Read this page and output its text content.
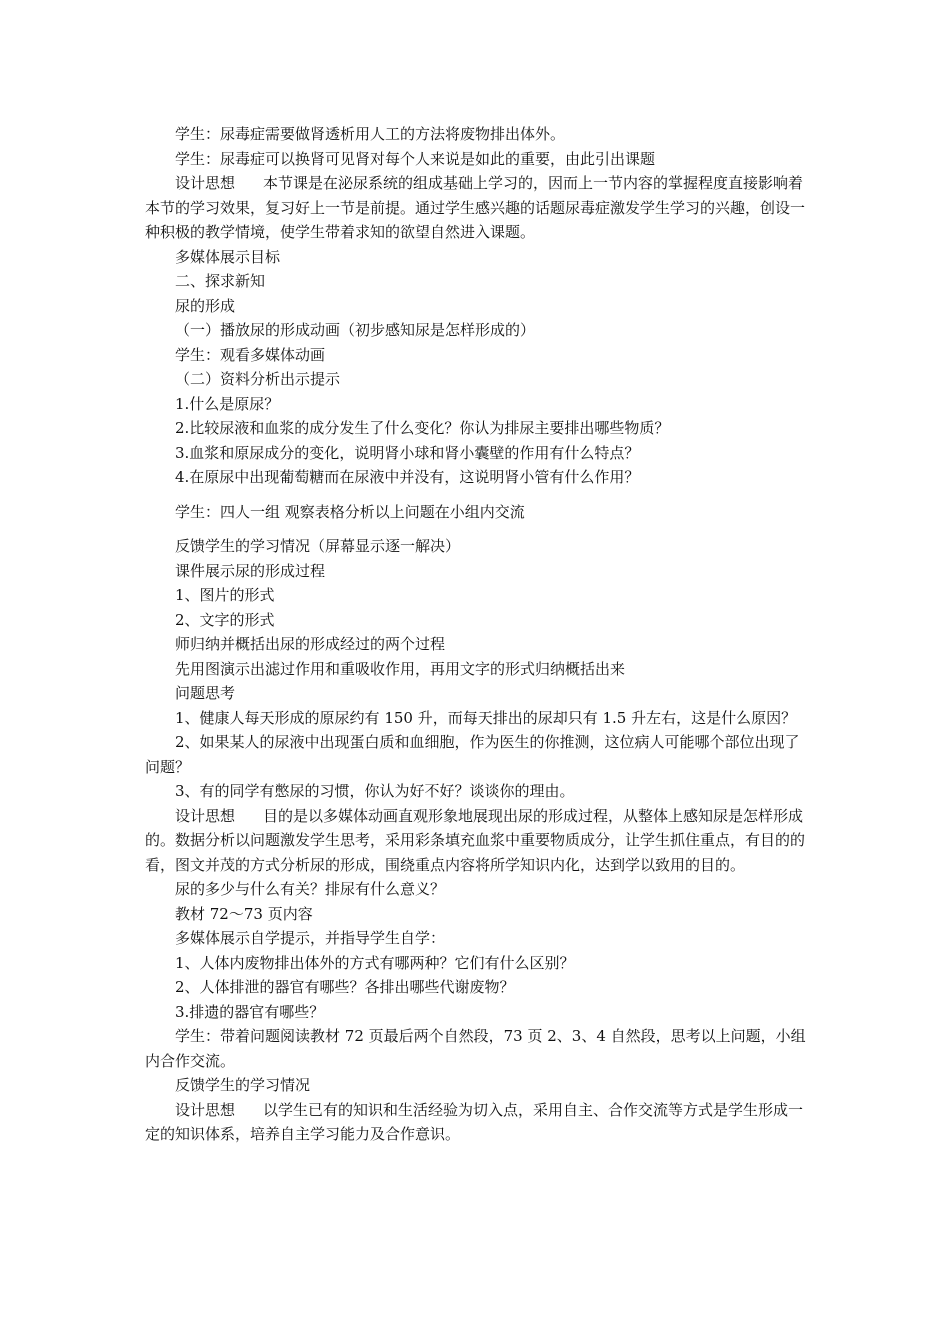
学生：尿毒症需要做肾透析用人工的方法将废物排出体外。

学生：尿毒症可以换肾可见肾对每个人来说是如此的重要，由此引出课题

设计思想 本节课是在泌尿系统的组成基础上学习的，因而上一节内容的掌握程度直接影响着本节的学习效果，复习好上一节是前提。通过学生感兴趣的话题尿毒症激发学生学习的兴趣，创设一种积极的教学情境，使学生带着求知的欲望自然进入课题。

多媒体展示目标

二、探求新知

尿的形成

（一）播放尿的形成动画（初步感知尿是怎样形成的）

学生：观看多媒体动画

（二）资料分析出示提示

1.什么是原尿？

2.比较尿液和血浆的成分发生了什么变化？你认为排尿主要排出哪些物质？

3.血浆和原尿成分的变化，说明肾小球和肾小囊壁的作用有什么特点？

4.在原尿中出现葡萄糖而在尿液中并没有，这说明肾小管有什么作用？

学生：四人一组 观察表格分析以上问题在小组内交流

反馈学生的学习情况（屏幕显示逐一解决）

课件展示尿的形成过程

1、图片的形式

2、文字的形式

师归纳并概括出尿的形成经过的两个过程

先用图演示出滤过作用和重吸收作用，再用文字的形式归纳概括出来

问题思考

1、健康人每天形成的原尿约有 150 升，而每天排出的尿却只有 1.5 升左右，这是什么原因？

2、如果某人的尿液中出现蛋白质和血细胞，作为医生的你推测，这位病人可能哪个部位出现了问题？

3、有的同学有憋尿的习惯，你认为好不好？谈谈你的理由。

设计思想 目的是以多媒体动画直观形象地展现出尿的形成过程，从整体上感知尿是怎样形成的。数据分析以问题激发学生思考，采用彩条填充血浆中重要物质成分，让学生抓住重点，有目的的看，图文并茂的方式分析尿的形成，围绕重点内容将所学知识内化，达到学以致用的目的。

尿的多少与什么有关？排尿有什么意义？

教材 72～73 页内容

多媒体展示自学提示，并指导学生自学：

1、人体内废物排出体外的方式有哪两种？它们有什么区别？

2、人体排泄的器官有哪些？各排出哪些代谢废物？

3.排遗的器官有哪些？

学生：带着问题阅读教材 72 页最后两个自然段，73 页 2、3、4 自然段，思考以上问题，小组内合作交流。

反馈学生的学习情况

设计思想 以学生已有的知识和生活经验为切入点，采用自主、合作交流等方式是学生形成一定的知识体系，培养自主学习能力及合作意识。
